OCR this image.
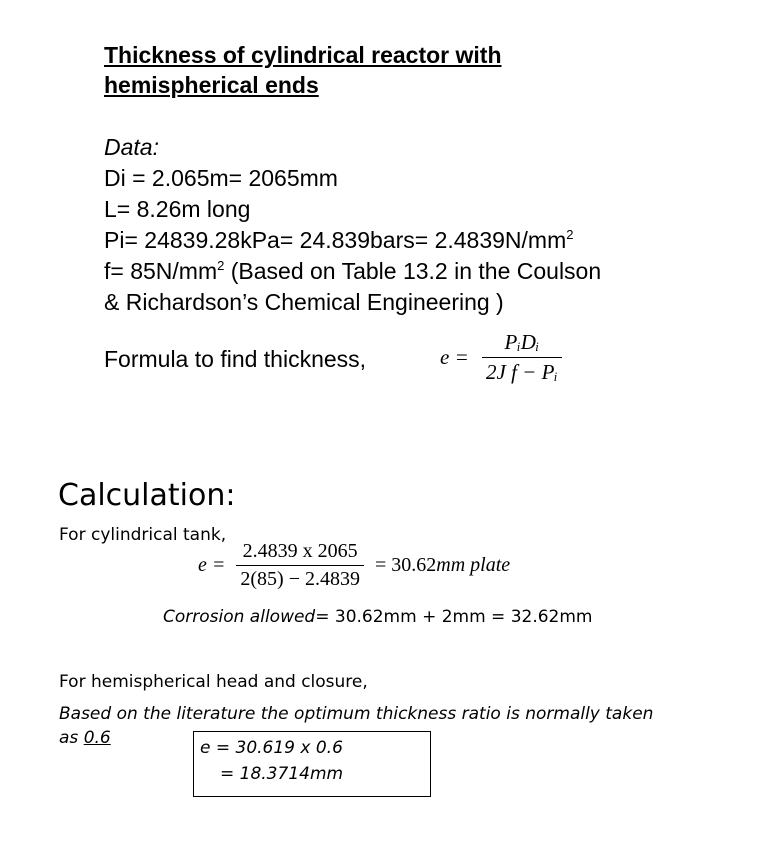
Thickness of cylindrical reactor with
hemispherical ends
Data:
Di = 2.065m= 2065mm
L= 8.26m long
Pi= 24839.28kPa= 24.839bars= $2.4839N/mm^2$
$f= 85N/mm^2$ (Based on Table 13.2 in the Coulson
& Richardson’s Chemical Engineering )
Formula to find thickness,	$e = \frac{\text{PᵢDᵢ}}{\text{2J f − Pᵢ}}$
Calculation:
For cylindrical tank,
$e = \frac{2.4839 x 2065}{2(85) - 2.4839} = 30.62mm$ plate
Corrosion allowed= 30.62mm + 2mm = 32.62mm
For hemispherical head and closure,
Based on the literature the optimum thickness ratio is normally taken
as 0.6	e = 30.619 x 0.6
= 18.3714mm
